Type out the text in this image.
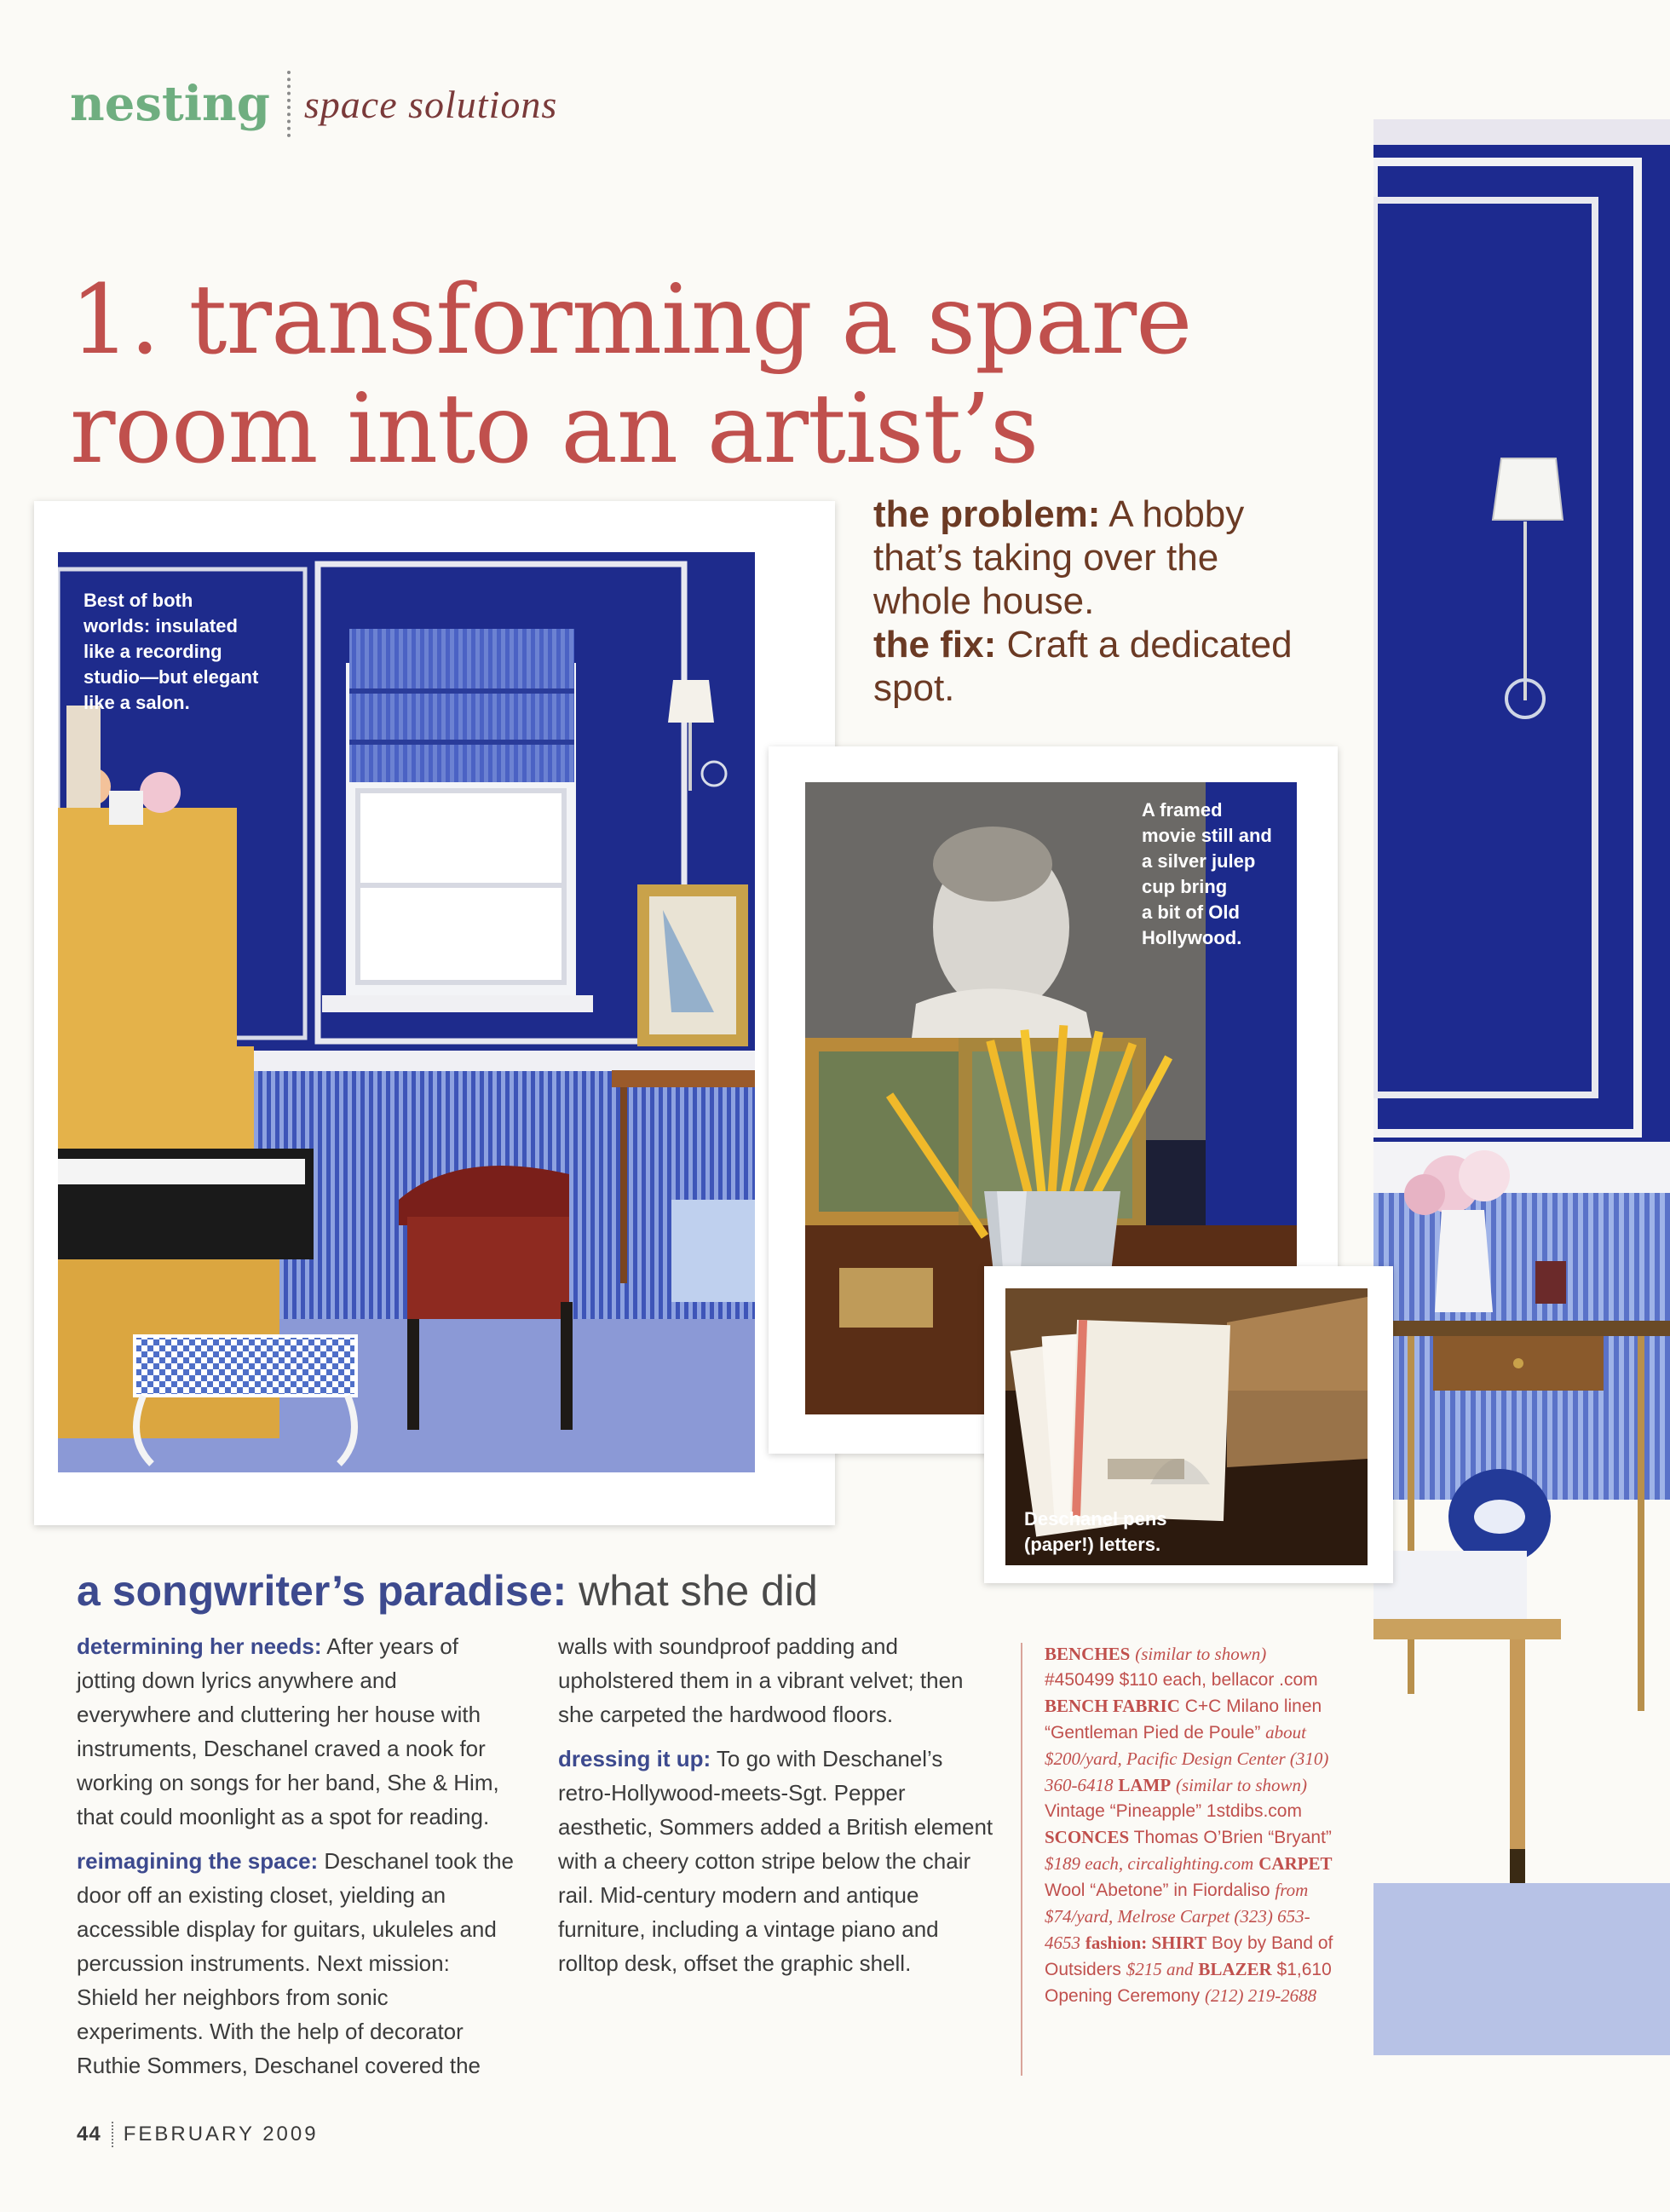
nesting space solutions
1. transforming a spare
room into an artist’s
the problem: A hobby that’s taking over the whole house.
the fix: Craft a dedicated spot.
Best of both
worlds: insulated
like a recording
studio—but elegant
like a salon.
A framed
movie still and
a silver julep
cup bring
a bit of Old
Hollywood.
Deschanel pens
(paper!) letters.
a songwriter’s paradise: what she did

determining her needs: After years of jotting down lyrics anywhere and everywhere and cluttering her house with instruments, Deschanel craved a nook for working on songs for her band, She & Him, that could moonlight as a spot for reading.

reimagining the space: Deschanel took the door off an existing closet, yielding an accessible display for guitars, ukuleles and percussion instruments. Next mission: Shield her neighbors from sonic experiments. With the help of decorator Ruthie Sommers, Deschanel covered the walls with soundproof padding and upholstered them in a vibrant velvet; then she carpeted the hardwood floors.

dressing it up: To go with Deschanel’s retro-Hollywood-meets-Sgt. Pepper aesthetic, Sommers added a British element with a cheery cotton stripe below the chair rail. Mid-century modern and antique furniture, including a vintage piano and rolltop desk, offset the graphic shell.

BENCHES (similar to shown) #450499 $110 each, bellacor .com BENCH FABRIC C+C Milano linen “Gentleman Pied de Poule” about $200/yard, Pacific Design Center (310) 360-6418 LAMP (similar to shown) Vintage “Pineapple” 1stdibs.com SCONCES Thomas O’Brien “Bryant” $189 each, circalighting.com CARPET Wool “Abetone” in Fiordaliso from $74/yard, Melrose Carpet (323) 653-4653 fashion: SHIRT Boy by Band of Outsiders $215 and BLAZER $1,610 Opening Ceremony (212) 219-2688
44 FEBRUARY 2009
